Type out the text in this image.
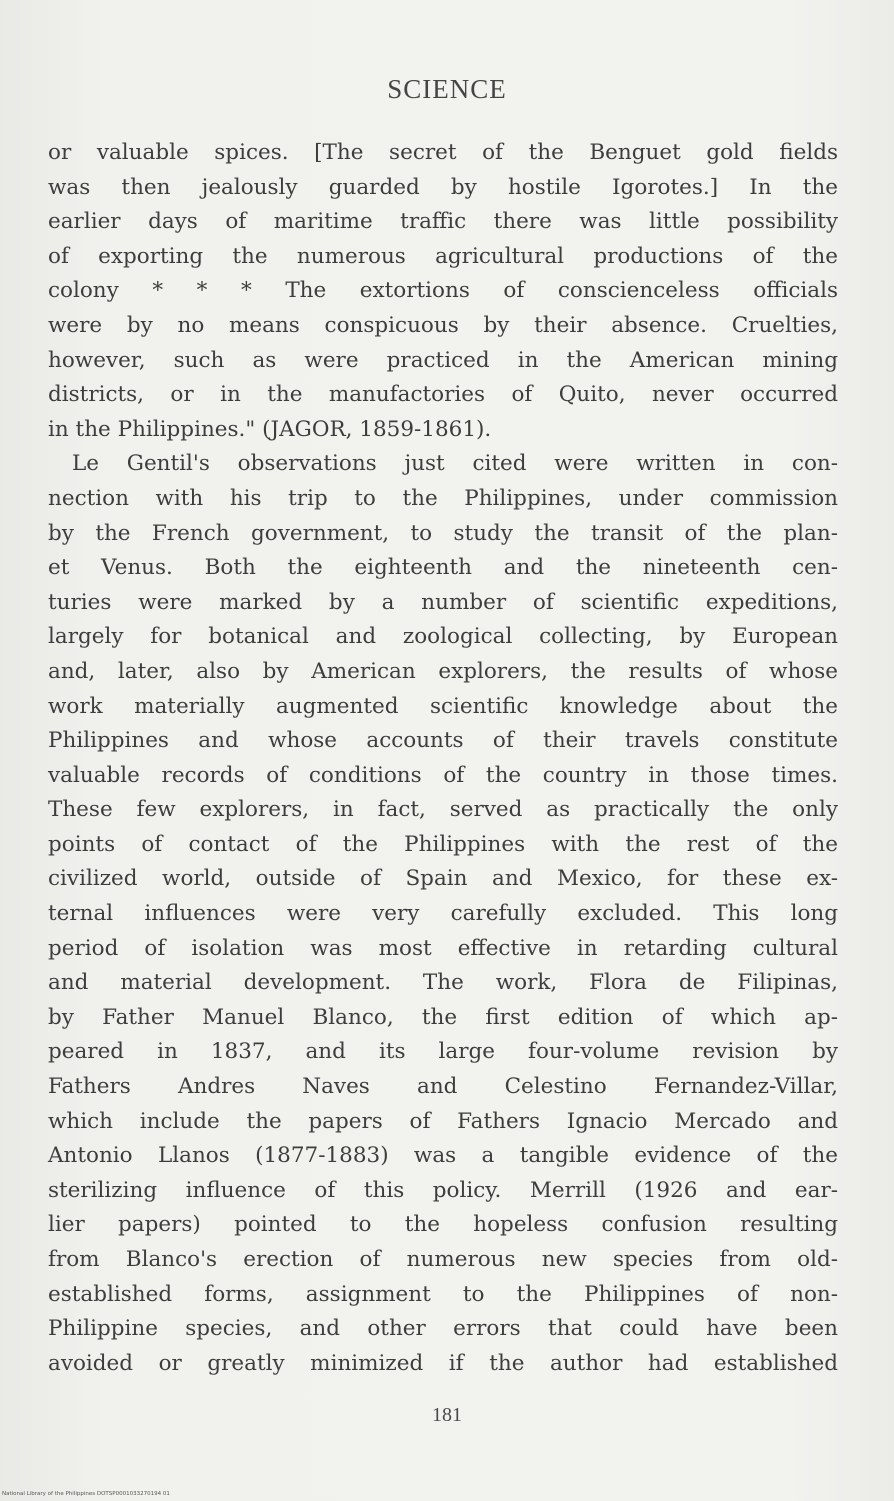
SCIENCE
or valuable spices. [The secret of the Benguet gold fields
was then jealously guarded by hostile Igorotes.] In the
earlier days of maritime traffic there was little possibility
of exporting the numerous agricultural productions of the
colony * * * The extortions of conscienceless officials
were by no means conspicuous by their absence. Cruelties,
however, such as were practiced in the American mining
districts, or in the manufactories of Quito, never occurred
in the Philippines." (JAGOR, 1859-1861).
Le Gentil's observations just cited were written in con-
nection with his trip to the Philippines, under commission
by the French government, to study the transit of the plan-
et Venus. Both the eighteenth and the nineteenth cen-
turies were marked by a number of scientific expeditions,
largely for botanical and zoological collecting, by European
and, later, also by American explorers, the results of whose
work materially augmented scientific knowledge about the
Philippines and whose accounts of their travels constitute
valuable records of conditions of the country in those times.
These few explorers, in fact, served as practically the only
points of contact of the Philippines with the rest of the
civilized world, outside of Spain and Mexico, for these ex-
ternal influences were very carefully excluded. This long
period of isolation was most effective in retarding cultural
and material development. The work, Flora de Filipinas,
by Father Manuel Blanco, the first edition of which ap-
peared in 1837, and its large four-volume revision by
Fathers Andres Naves and Celestino Fernandez-Villar,
which include the papers of Fathers Ignacio Mercado and
Antonio Llanos (1877-1883) was a tangible evidence of the
sterilizing influence of this policy. Merrill (1926 and ear-
lier papers) pointed to the hopeless confusion resulting
from Blanco's erection of numerous new species from old-
established forms, assignment to the Philippines of non-
Philippine species, and other errors that could have been
avoided or greatly minimized if the author had established
181
National Library of the Philippines DOTSP0001033270194 01
